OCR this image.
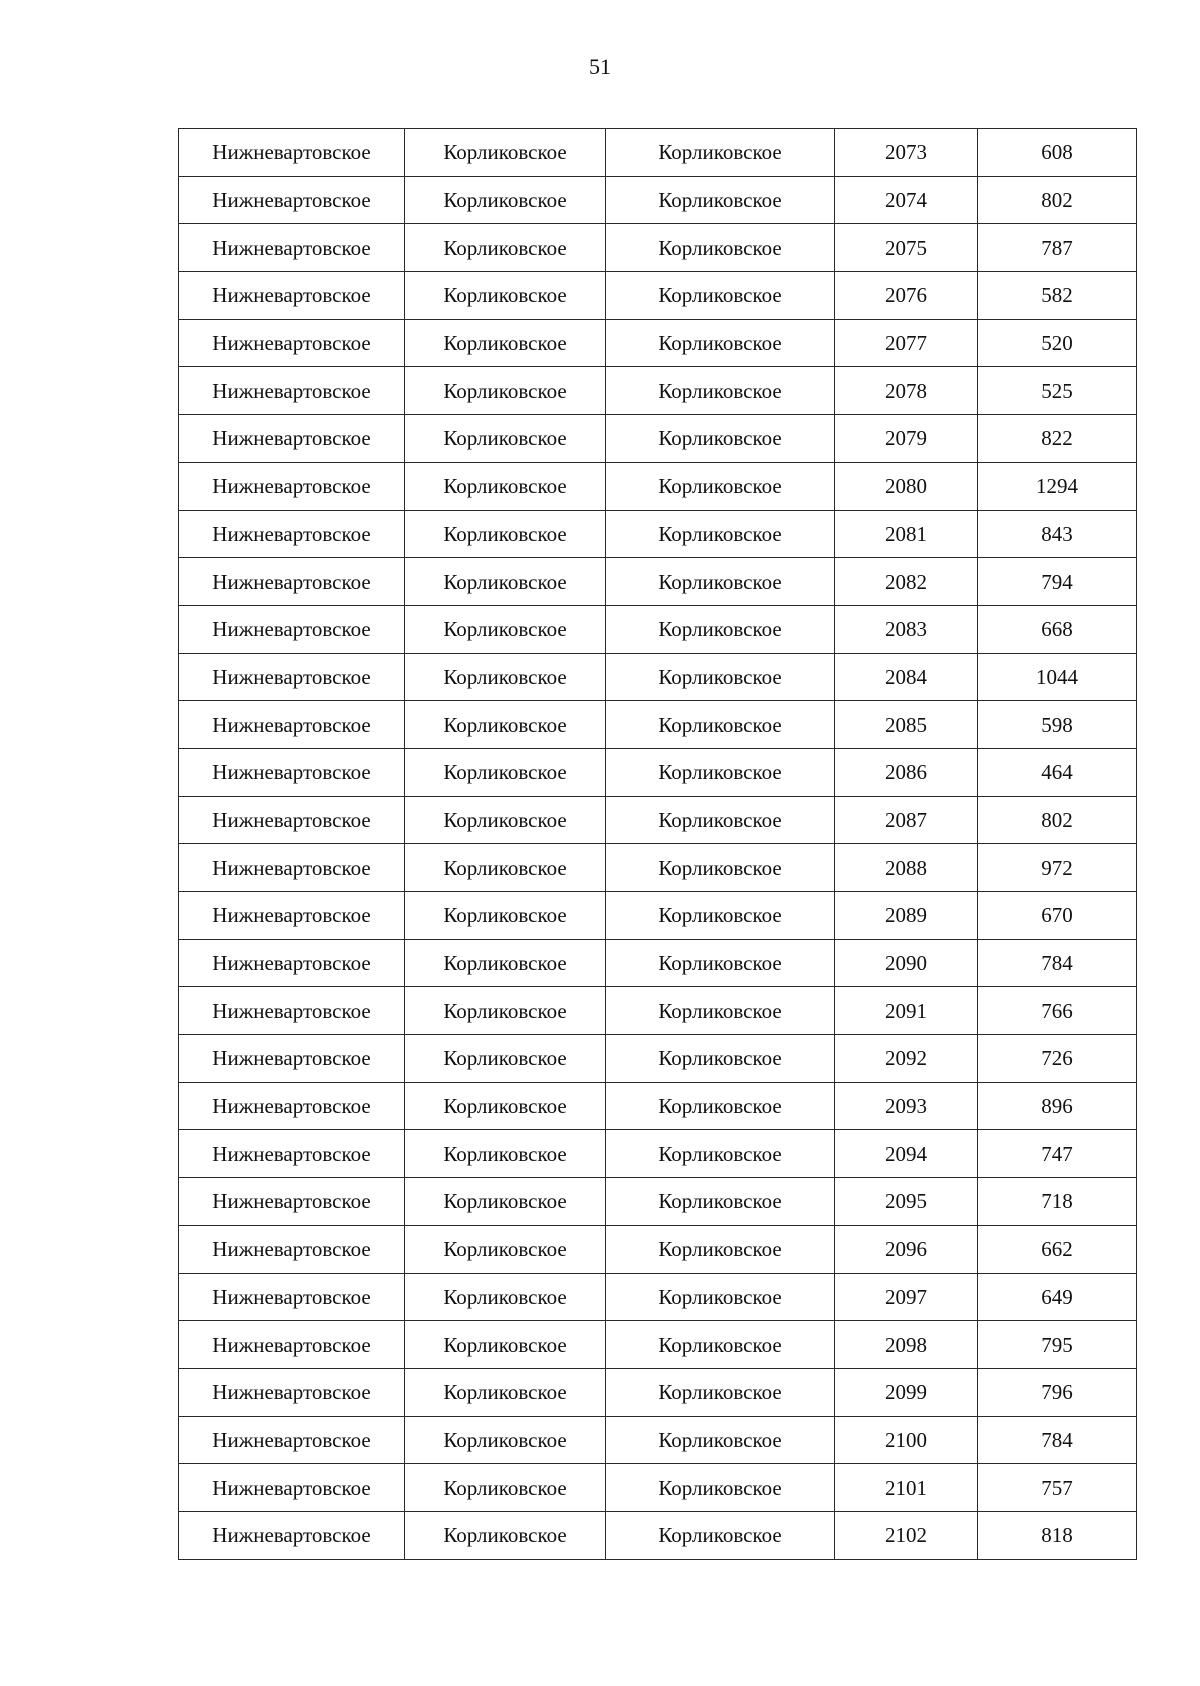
51
Нижневартовское	Корликовское	Корликовское	2073	608
Нижневартовское	Корликовское	Корликовское	2074	802
Нижневартовское	Корликовское	Корликовское	2075	787
Нижневартовское	Корликовское	Корликовское	2076	582
Нижневартовское	Корликовское	Корликовское	2077	520
Нижневартовское	Корликовское	Корликовское	2078	525
Нижневартовское	Корликовское	Корликовское	2079	822
Нижневартовское	Корликовское	Корликовское	2080	1294
Нижневартовское	Корликовское	Корликовское	2081	843
Нижневартовское	Корликовское	Корликовское	2082	794
Нижневартовское	Корликовское	Корликовское	2083	668
Нижневартовское	Корликовское	Корликовское	2084	1044
Нижневартовское	Корликовское	Корликовское	2085	598
Нижневартовское	Корликовское	Корликовское	2086	464
Нижневартовское	Корликовское	Корликовское	2087	802
Нижневартовское	Корликовское	Корликовское	2088	972
Нижневартовское	Корликовское	Корликовское	2089	670
Нижневартовское	Корликовское	Корликовское	2090	784
Нижневартовское	Корликовское	Корликовское	2091	766
Нижневартовское	Корликовское	Корликовское	2092	726
Нижневартовское	Корликовское	Корликовское	2093	896
Нижневартовское	Корликовское	Корликовское	2094	747
Нижневартовское	Корликовское	Корликовское	2095	718
Нижневартовское	Корликовское	Корликовское	2096	662
Нижневартовское	Корликовское	Корликовское	2097	649
Нижневартовское	Корликовское	Корликовское	2098	795
Нижневартовское	Корликовское	Корликовское	2099	796
Нижневартовское	Корликовское	Корликовское	2100	784
Нижневартовское	Корликовское	Корликовское	2101	757
Нижневартовское	Корликовское	Корликовское	2102	818
